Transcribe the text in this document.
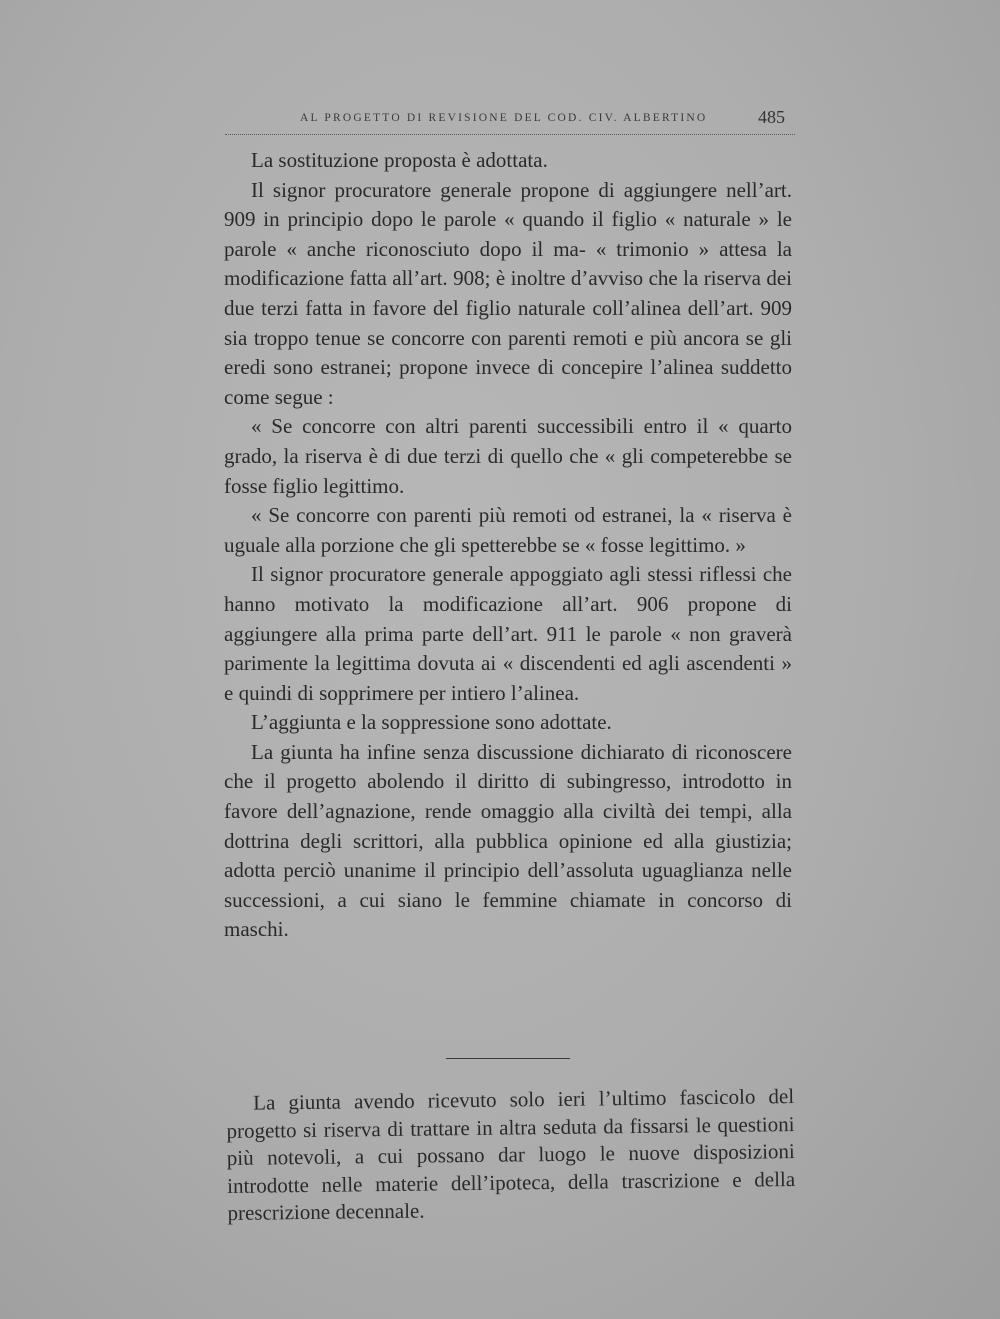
AL PROGETTO DI REVISIONE DEL COD. CIV. ALBERTINO	485

La sostituzione proposta è adottata.

Il signor procuratore generale propone di aggiungere nell’art. 909 in principio dopo le parole « quando il figlio « naturale » le parole « anche riconosciuto dopo il ma- « trimonio » attesa la modificazione fatta all’art. 908; è inoltre d’avviso che la riserva dei due terzi fatta in favore del figlio naturale coll’alinea dell’art. 909 sia troppo tenue se concorre con parenti remoti e più ancora se gli eredi sono estranei; propone invece di concepire l’alinea suddetto come segue :

« Se concorre con altri parenti successibili entro il « quarto grado, la riserva è di due terzi di quello che « gli competerebbe se fosse figlio legittimo.

« Se concorre con parenti più remoti od estranei, la « riserva è uguale alla porzione che gli spetterebbe se « fosse legittimo. »

Il signor procuratore generale appoggiato agli stessi riflessi che hanno motivato la modificazione all’art. 906 propone di aggiungere alla prima parte dell’art. 911 le parole « non graverà parimente la legittima dovuta ai « discendenti ed agli ascendenti » e quindi di sopprimere per intiero l’alinea.

L’aggiunta e la soppressione sono adottate.

La giunta ha infine senza discussione dichiarato di riconoscere che il progetto abolendo il diritto di subingresso, introdotto in favore dell’agnazione, rende omaggio alla civiltà dei tempi, alla dottrina degli scrittori, alla pubblica opinione ed alla giustizia; adotta perciò unanime il principio dell’assoluta uguaglianza nelle successioni, a cui siano le femmine chiamate in concorso di maschi.

La giunta avendo ricevuto solo ieri l’ultimo fascicolo del progetto si riserva di trattare in altra seduta da fissarsi le questioni più notevoli, a cui possano dar luogo le nuove disposizioni introdotte nelle materie dell’ipoteca, della trascrizione e della prescrizione decennale.
